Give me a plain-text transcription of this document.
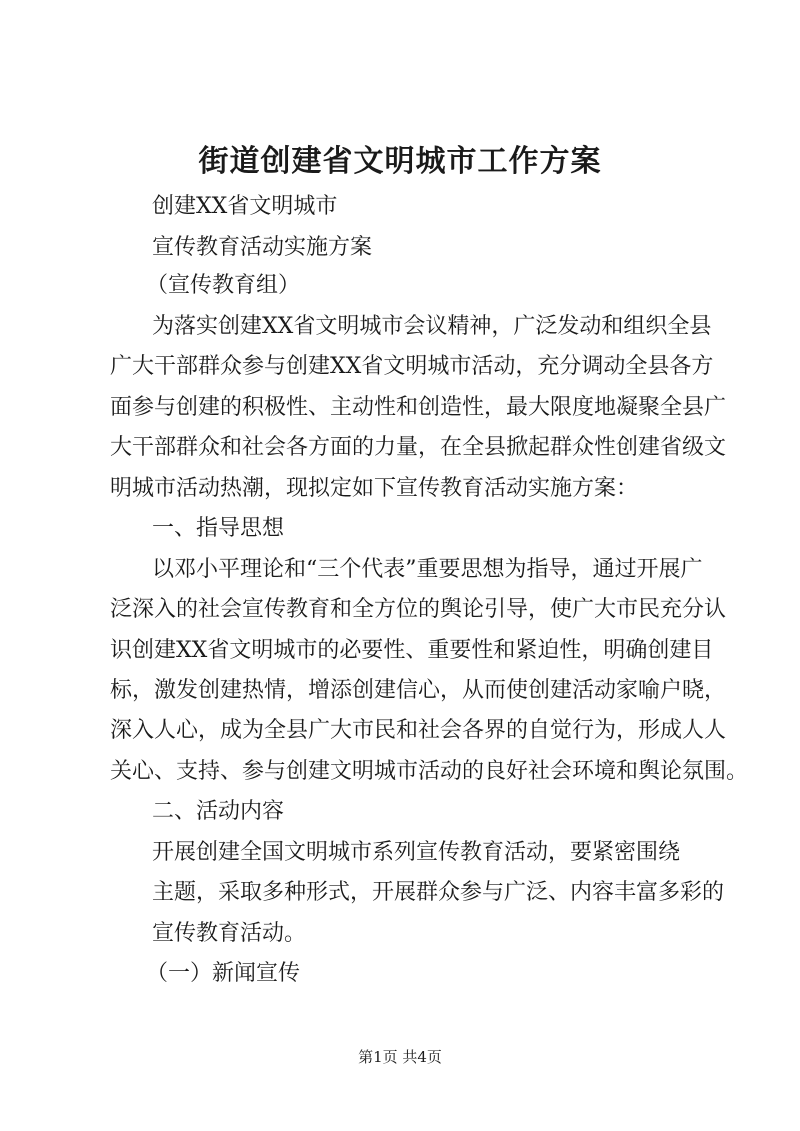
街道创建省文明城市工作方案

创建XX省文明城市

宣传教育活动实施方案

（宣传教育组）

为落实创建XX省文明城市会议精神，广泛发动和组织全县

广大干部群众参与创建XX省文明城市活动，充分调动全县各方

面参与创建的积极性、主动性和创造性，最大限度地凝聚全县广

大干部群众和社会各方面的力量，在全县掀起群众性创建省级文

明城市活动热潮，现拟定如下宣传教育活动实施方案：

一、指导思想

以邓小平理论和“三个代表”重要思想为指导，通过开展广

泛深入的社会宣传教育和全方位的舆论引导，使广大市民充分认

识创建XX省文明城市的必要性、重要性和紧迫性，明确创建目

标，激发创建热情，增添创建信心，从而使创建活动家喻户晓，

深入人心，成为全县广大市民和社会各界的自觉行为，形成人人

关心、支持、参与创建文明城市活动的良好社会环境和舆论氛围。

二、活动内容

开展创建全国文明城市系列宣传教育活动，要紧密围绕

主题，采取多种形式，开展群众参与广泛、内容丰富多彩的

宣传教育活动。

（一）新闻宣传

第1页 共4页
